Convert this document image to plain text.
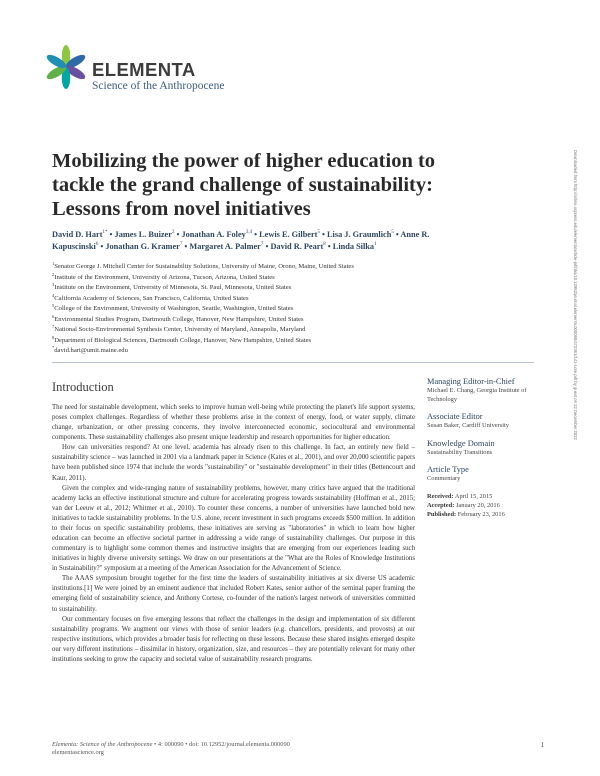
ELEMENTA
Science of the Anthropocene
Mobilizing the power of higher education to tackle the grand challenge of sustainability: Lessons from novel initiatives
David D. Hart$^{1*}$ • James L. Buizer$^2$ • Jonathan A. Foley$^{3,4}$ • Lewis E. Gilbert$^5$ • Lisa J. Graumlich$^5$ • Anne R. Kapuscinski$^6$ • Jonathan G. Kramer$^7$ • Margaret A. Palmer$^7$ • David R. Peart$^8$ • Linda Silka$^1$
$^1$Senator George J. Mitchell Center for Sustainability Solutions, University of Maine, Orono, Maine, United States
$^2$Institute of the Environment, University of Arizona, Tucson, Arizona, United States
$^3$Institute on the Environment, University of Minnesota, St. Paul, Minnesota, United States
$^4$California Academy of Sciences, San Francisco, California, United States
$^5$College of the Environment, University of Washington, Seattle, Washington, United States
$^6$Environmental Studies Program, Dartmouth College, Hanover, New Hampshire, United States
$^7$National Socio-Environmental Synthesis Center, University of Maryland, Annapolis, Maryland
$^8$Department of Biological Sciences, Dartmouth College, Hanover, New Hampshire, United States
*david.hart@umit.maine.edu
Introduction

The need for sustainable development, which seeks to improve human well-being while protecting the planet's life support systems, poses complex challenges. Regardless of whether these problems arise in the context of energy, food, or water supply, climate change, urbanization, or other pressing concerns, they involve interconnected economic, sociocultural and environmental components. These sustainability challenges also present unique leadership and research opportunities for higher education.

How can universities respond? At one level, academia has already risen to this challenge. In fact, an entirely new field – sustainability science – was launched in 2001 via a landmark paper in Science (Kates et al., 2001), and over 20,000 scientific papers have been published since 1974 that include the words "sustainability" or "sustainable development" in their titles (Bettencourt and Kaur, 2011).

Given the complex and wide-ranging nature of sustainability problems, however, many critics have argued that the traditional academy lacks an effective institutional structure and culture for accelerating progress towards sustainability (Hoffman et al., 2015; van der Leeuw et al., 2012; Whitmer et al., 2010). To counter these concerns, a number of universities have launched bold new initiatives to tackle sustainability problems. In the U.S. alone, recent investment in such programs exceeds $500 million. In addition to their focus on specific sustainability problems, these initiatives are serving as "laboratories" in which to learn how higher education can become an effective societal partner in addressing a wide range of sustainability challenges. Our purpose in this commentary is to highlight some common themes and instructive insights that are emerging from our experiences leading such initiatives in highly diverse university settings. We draw on our presentations at the "What are the Roles of Knowledge Institutions in Sustainability?" symposium at a meeting of the American Association for the Advancement of Science.

The AAAS symposium brought together for the first time the leaders of sustainability initiatives at six diverse US academic institutions.[1] We were joined by an eminent audience that included Robert Kates, senior author of the seminal paper framing the emerging field of sustainability science, and Anthony Cortese, co-founder of the nation's largest network of universities committed to sustainability.

Our commentary focuses on five emerging lessons that reflect the challenges in the design and implementation of six different sustainability programs. We augment our views with those of senior leaders (e.g. chancellors, presidents, and provosts) at our respective institutions, which provides a broader basis for reflecting on these lessons. Because these shared insights emerged despite our very different institutions – dissimilar in history, organization, size, and resources – they are potentially relevant for many other institutions seeking to grow the capacity and societal value of sustainability research programs.

Managing Editor-in-Chief
Michael E. Chang, Georgia Institute of Technology
Associate Editor
Susan Baker, Cardiff University
Knowledge Domain
Sustainability Transitions
Article Type
Commentary
Received: April 15, 2015
Accepted: January 20, 2016
Published: February 23, 2016
Downloaded from http://online.ucpress.edu/elementa/article-pdf/doi/10.12952/journal.elementa.000090/472361/141-Lore.pdf by guest on 22 December 2022
Elementa: Science of the Anthropocene • 4: 000090 • doi: 10.12952/journal.elementa.000090
elementascience.org
1
